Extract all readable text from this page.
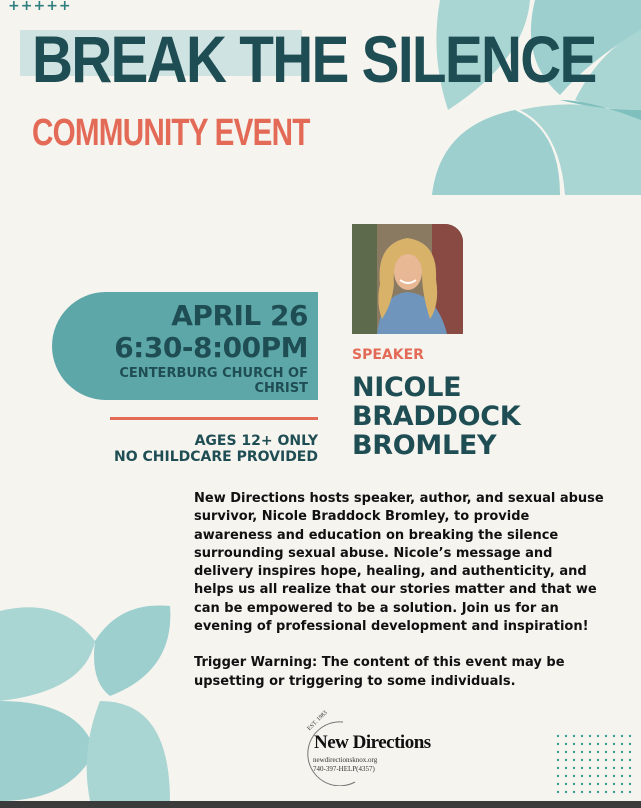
+++++
BREAK THE SILENCE
COMMUNITY EVENT
APRIL 26
6:30-8:00PM
CENTERBURG CHURCH OF
CHRIST
AGES 12+ ONLY
NO CHILDCARE PROVIDED
SPEAKER
NICOLE
BRADDOCK
BROMLEY

New Directions hosts speaker, author, and sexual abuse survivor, Nicole Braddock Bromley, to provide awareness and education on breaking the silence surrounding sexual abuse. Nicole’s message and delivery inspires hope, healing, and authenticity, and helps us all realize that our stories matter and that we can be empowered to be a solution. Join us for an evening of professional development and inspiration!

Trigger Warning: The content of this event may be upsetting or triggering to some individuals.

EST. 1983
New Directions
newdirectionsknox.org
740-397-HELP(4357)
